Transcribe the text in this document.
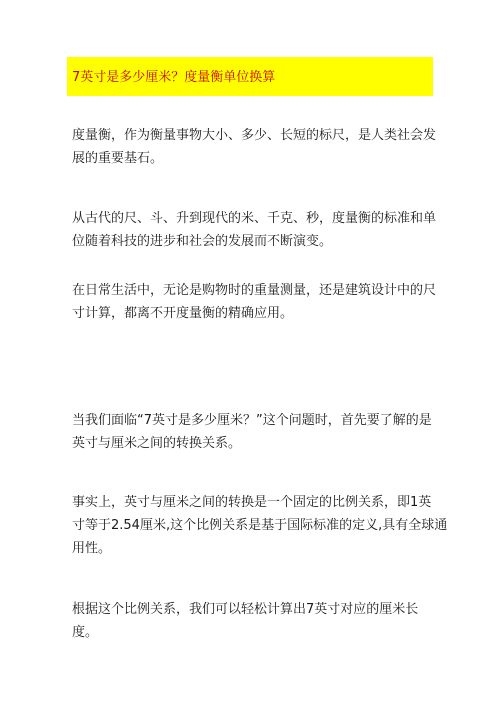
7英寸是多少厘米？度量衡单位换算

度量衡，作为衡量事物大小、多少、长短的标尺，是人类社会发
展的重要基石。

从古代的尺、斗、升到现代的米、千克、秒，度量衡的标准和单
位随着科技的进步和社会的发展而不断演变。

在日常生活中，无论是购物时的重量测量，还是建筑设计中的尺
寸计算，都离不开度量衡的精确应用。

当我们面临“7英寸是多少厘米？”这个问题时，首先要了解的是
英寸与厘米之间的转换关系。

事实上，英寸与厘米之间的转换是一个固定的比例关系，即1英
寸等于2.54厘米,这个比例关系是基于国际标准的定义,具有全球通
用性。

根据这个比例关系，我们可以轻松计算出7英寸对应的厘米长
度。
